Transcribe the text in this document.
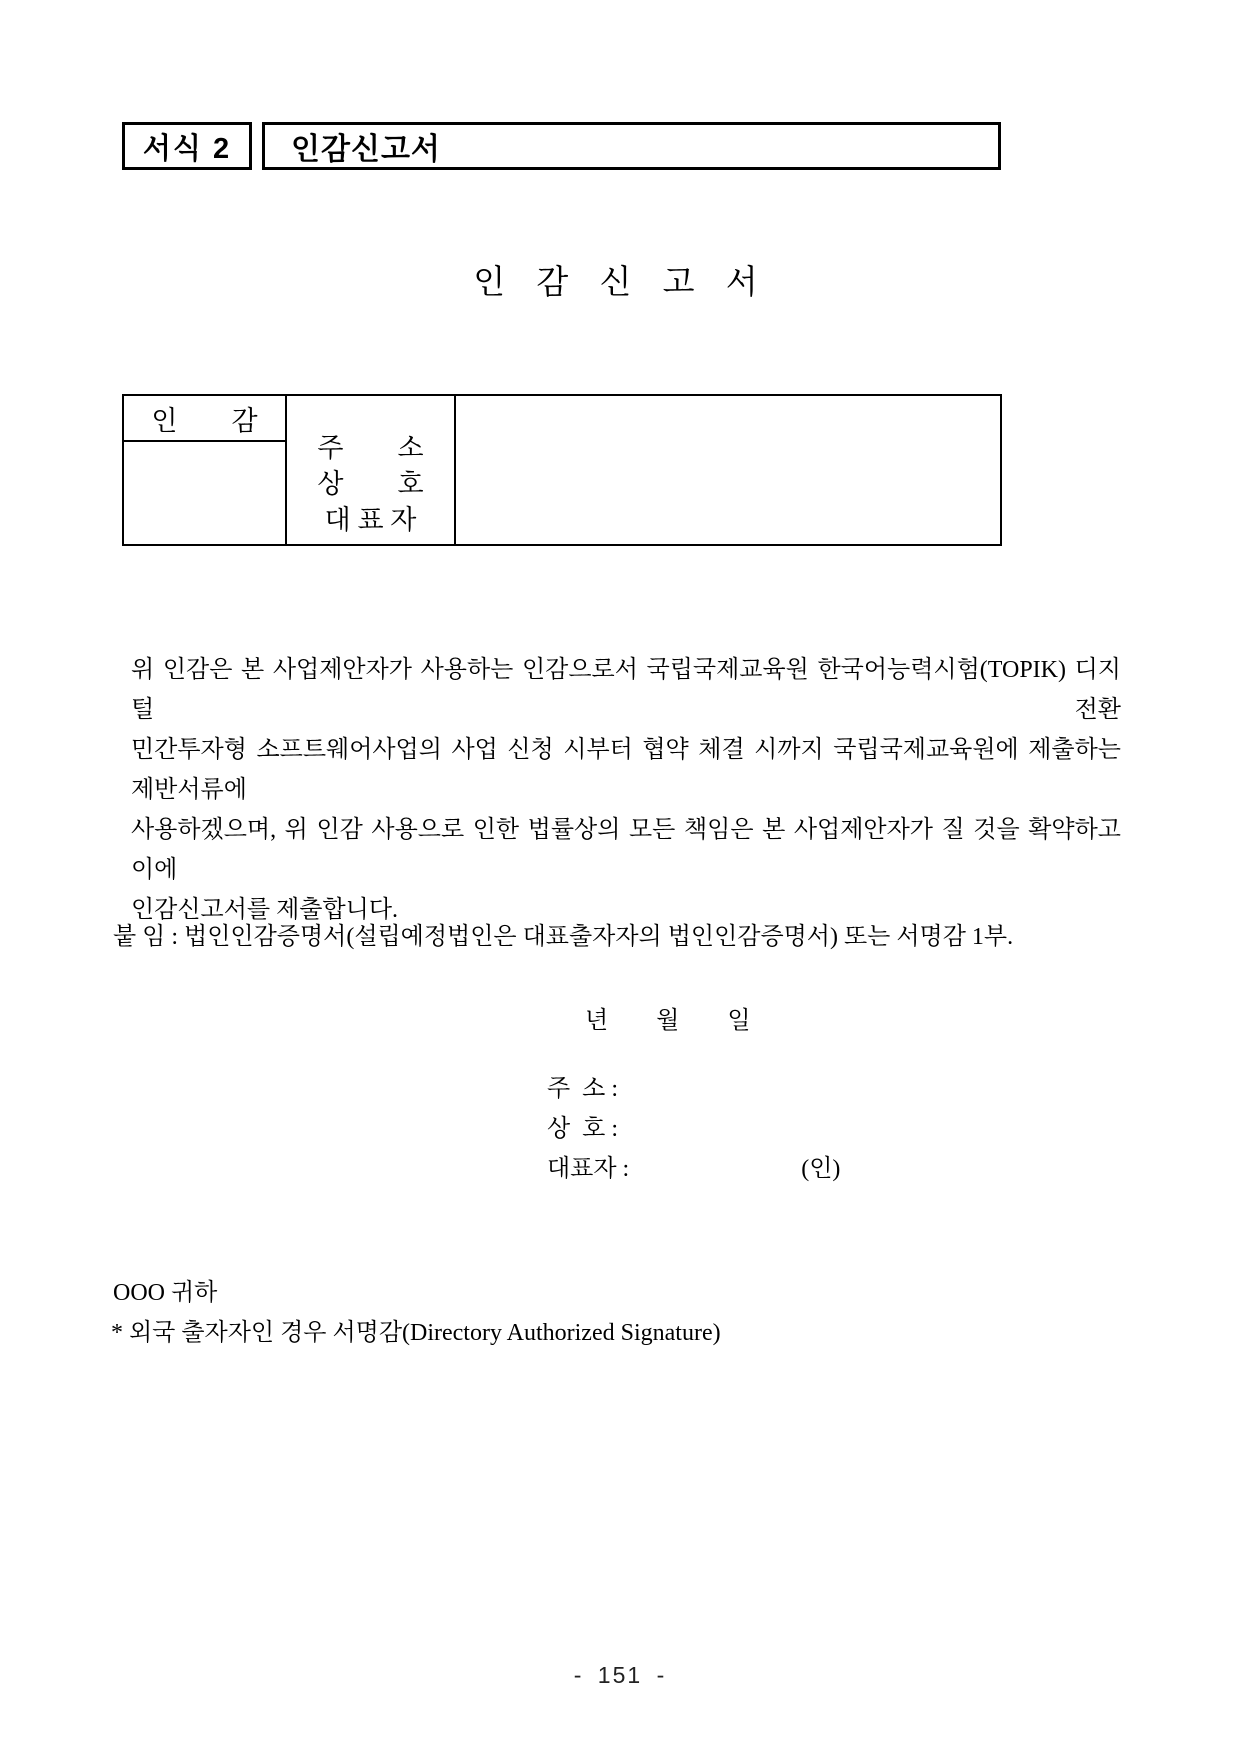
서식 2 인감신고서
인 감 신 고 서
인　　감
주　　소
상　　호
대 표 자
위 인감은 본 사업제안자가 사용하는 인감으로서 국립국제교육원 한국어능력시험(TOPIK) 디지털 전환
민간투자형 소프트웨어사업의 사업 신청 시부터 협약 체결 시까지 국립국제교육원에 제출하는 제반서류에
사용하겠으며, 위 인감 사용으로 인한 법률상의 모든 책임은 본 사업제안자가 질 것을 확약하고 이에
인감신고서를 제출합니다.
붙 임 : 법인인감증명서(설립예정법인은 대표출자자의 법인인감증명서) 또는 서명감 1부.
년　　월　　일
주  소 :
상  호 :
대표자 :	(인)
OOO 귀하
* 외국 출자자인 경우 서명감(Directory Authorized Signature)
- 151 -
